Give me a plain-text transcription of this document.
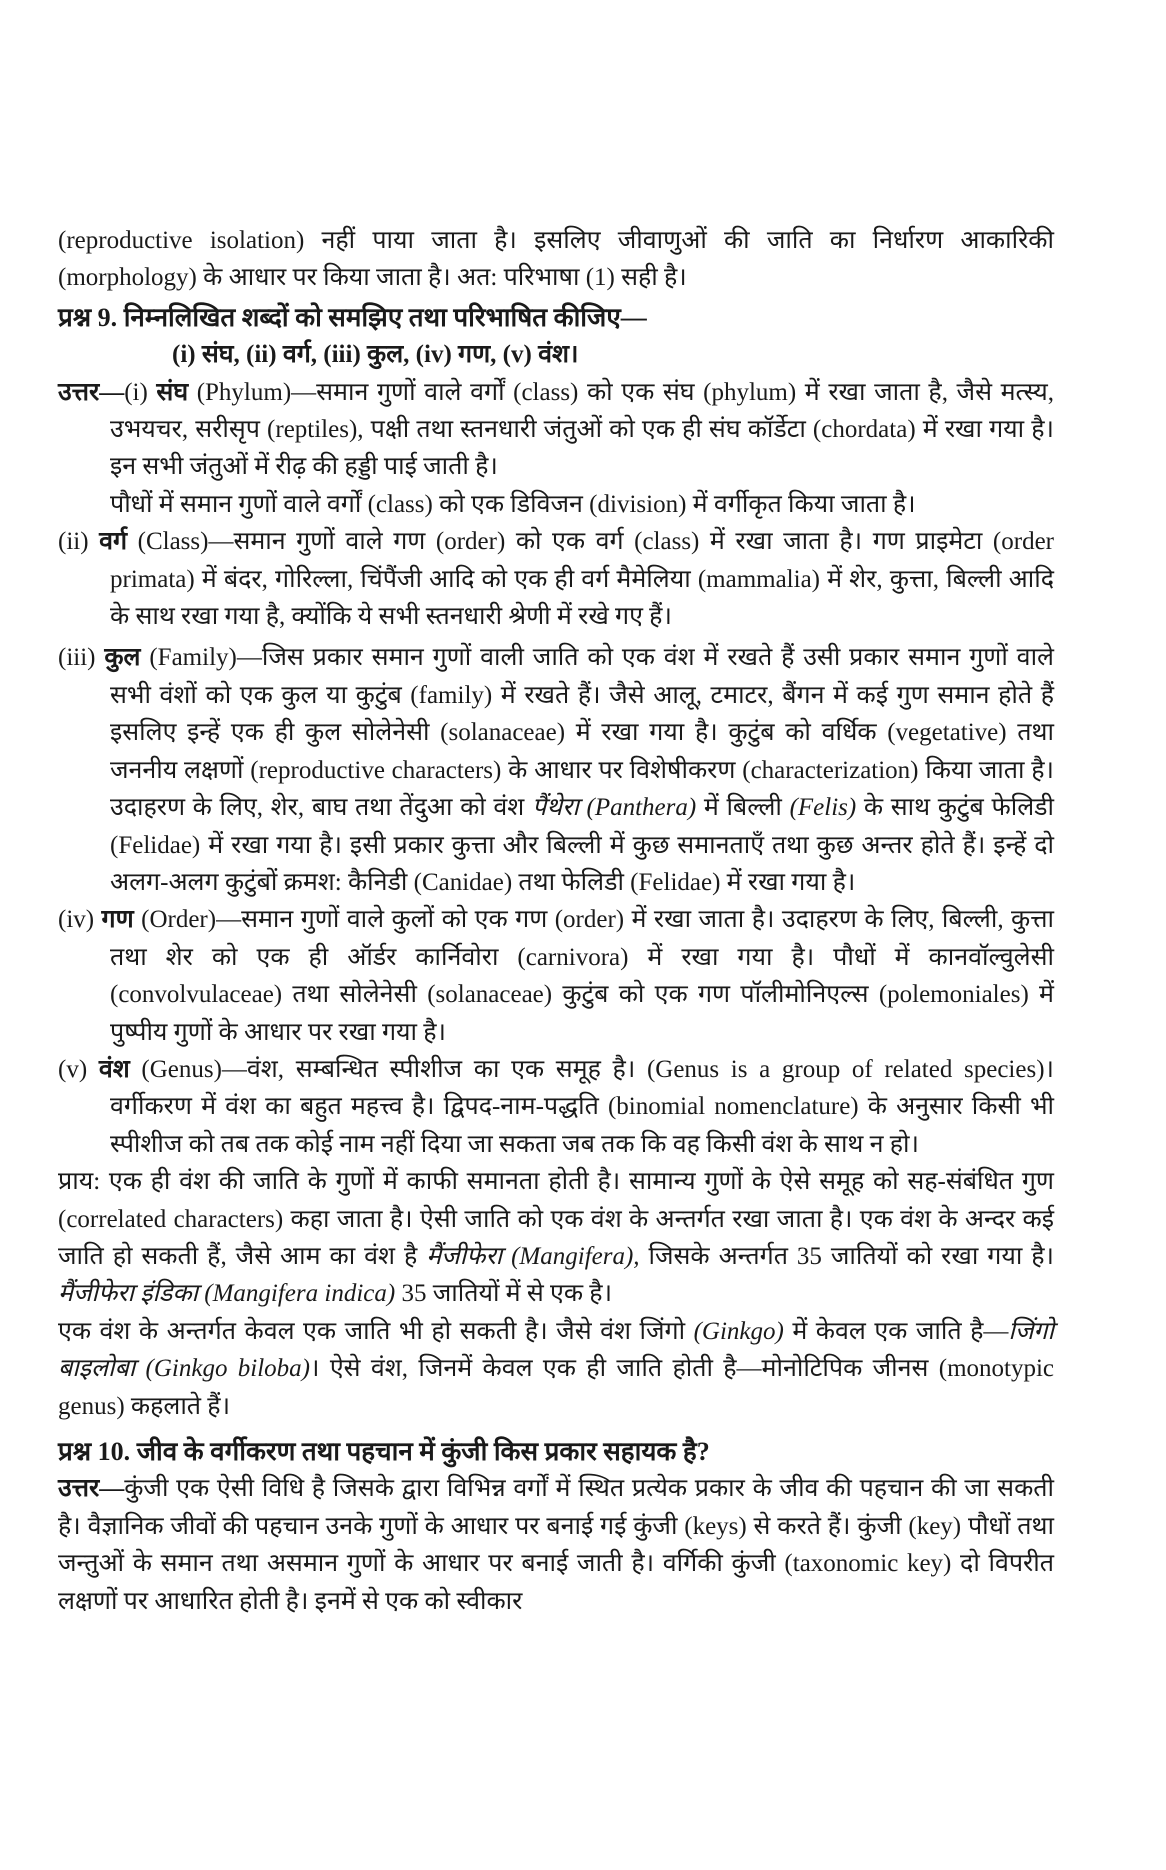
(reproductive isolation) नहीं पाया जाता है। इसलिए जीवाणुओं की जाति का निर्धारण आकारिकी (morphology) के आधार पर किया जाता है। अत: परिभाषा (1) सही है।

प्रश्न 9. निम्नलिखित शब्दों को समझिए तथा परिभाषित कीजिए—

(i) संघ, (ii) वर्ग, (iii) कुल, (iv) गण, (v) वंश।

उत्तर—(i) संघ (Phylum)—समान गुणों वाले वर्गों (class) को एक संघ (phylum) में रखा जाता है, जैसे मत्स्य, उभयचर, सरीसृप (reptiles), पक्षी तथा स्तनधारी जंतुओं को एक ही संघ कॉर्डेटा (chordata) में रखा गया है। इन सभी जंतुओं में रीढ़ की हड्डी पाई जाती है।

पौधों में समान गुणों वाले वर्गों (class) को एक डिविजन (division) में वर्गीकृत किया जाता है।

(ii) वर्ग (Class)—समान गुणों वाले गण (order) को एक वर्ग (class) में रखा जाता है। गण प्राइमेटा (order primata) में बंदर, गोरिल्ला, चिंपैंजी आदि को एक ही वर्ग मैमेलिया (mammalia) में शेर, कुत्ता, बिल्ली आदि के साथ रखा गया है, क्योंकि ये सभी स्तनधारी श्रेणी में रखे गए हैं।

(iii) कुल (Family)—जिस प्रकार समान गुणों वाली जाति को एक वंश में रखते हैं उसी प्रकार समान गुणों वाले सभी वंशों को एक कुल या कुटुंब (family) में रखते हैं। जैसे आलू, टमाटर, बैंगन में कई गुण समान होते हैं इसलिए इन्हें एक ही कुल सोलेनेसी (solanaceae) में रखा गया है। कुटुंब को वर्धिक (vegetative) तथा जननीय लक्षणों (reproductive characters) के आधार पर विशेषीकरण (characterization) किया जाता है। उदाहरण के लिए, शेर, बाघ तथा तेंदुआ को वंश पैंथेरा (Panthera) में बिल्ली (Felis) के साथ कुटुंब फेलिडी (Felidae) में रखा गया है। इसी प्रकार कुत्ता और बिल्ली में कुछ समानताएँ तथा कुछ अन्तर होते हैं। इन्हें दो अलग-अलग कुटुंबों क्रमश: कैनिडी (Canidae) तथा फेलिडी (Felidae) में रखा गया है।

(iv) गण (Order)—समान गुणों वाले कुलों को एक गण (order) में रखा जाता है। उदाहरण के लिए, बिल्ली, कुत्ता तथा शेर को एक ही ऑर्डर कार्निवोरा (carnivora) में रखा गया है। पौधों में कानवॉल्वुलेसी (convolvulaceae) तथा सोलेनेसी (solanaceae) कुटुंब को एक गण पॉलीमोनिएल्स (polemoniales) में पुष्पीय गुणों के आधार पर रखा गया है।

(v) वंश (Genus)—वंश, सम्बन्धित स्पीशीज का एक समूह है। (Genus is a group of related species)। वर्गीकरण में वंश का बहुत महत्त्व है। द्विपद-नाम-पद्धति (binomial nomenclature) के अनुसार किसी भी स्पीशीज को तब तक कोई नाम नहीं दिया जा सकता जब तक कि वह किसी वंश के साथ न हो।

प्राय: एक ही वंश की जाति के गुणों में काफी समानता होती है। सामान्य गुणों के ऐसे समूह को सह-संबंधित गुण (correlated characters) कहा जाता है। ऐसी जाति को एक वंश के अन्तर्गत रखा जाता है। एक वंश के अन्दर कई जाति हो सकती हैं, जैसे आम का वंश है मैंजीफेरा (Mangifera), जिसके अन्तर्गत 35 जातियों को रखा गया है। मैंजीफेरा इंडिका (Mangifera indica) 35 जातियों में से एक है।

एक वंश के अन्तर्गत केवल एक जाति भी हो सकती है। जैसे वंश जिंगो (Ginkgo) में केवल एक जाति है—जिंगो बाइलोबा (Ginkgo biloba)। ऐसे वंश, जिनमें केवल एक ही जाति होती है—मोनोटिपिक जीनस (monotypic genus) कहलाते हैं।

प्रश्न 10. जीव के वर्गीकरण तथा पहचान में कुंजी किस प्रकार सहायक है?

उत्तर—कुंजी एक ऐसी विधि है जिसके द्वारा विभिन्न वर्गों में स्थित प्रत्येक प्रकार के जीव की पहचान की जा सकती है। वैज्ञानिक जीवों की पहचान उनके गुणों के आधार पर बनाई गई कुंजी (keys) से करते हैं। कुंजी (key) पौधों तथा जन्तुओं के समान तथा असमान गुणों के आधार पर बनाई जाती है। वर्गिकी कुंजी (taxonomic key) दो विपरीत लक्षणों पर आधारित होती है। इनमें से एक को स्वीकार
